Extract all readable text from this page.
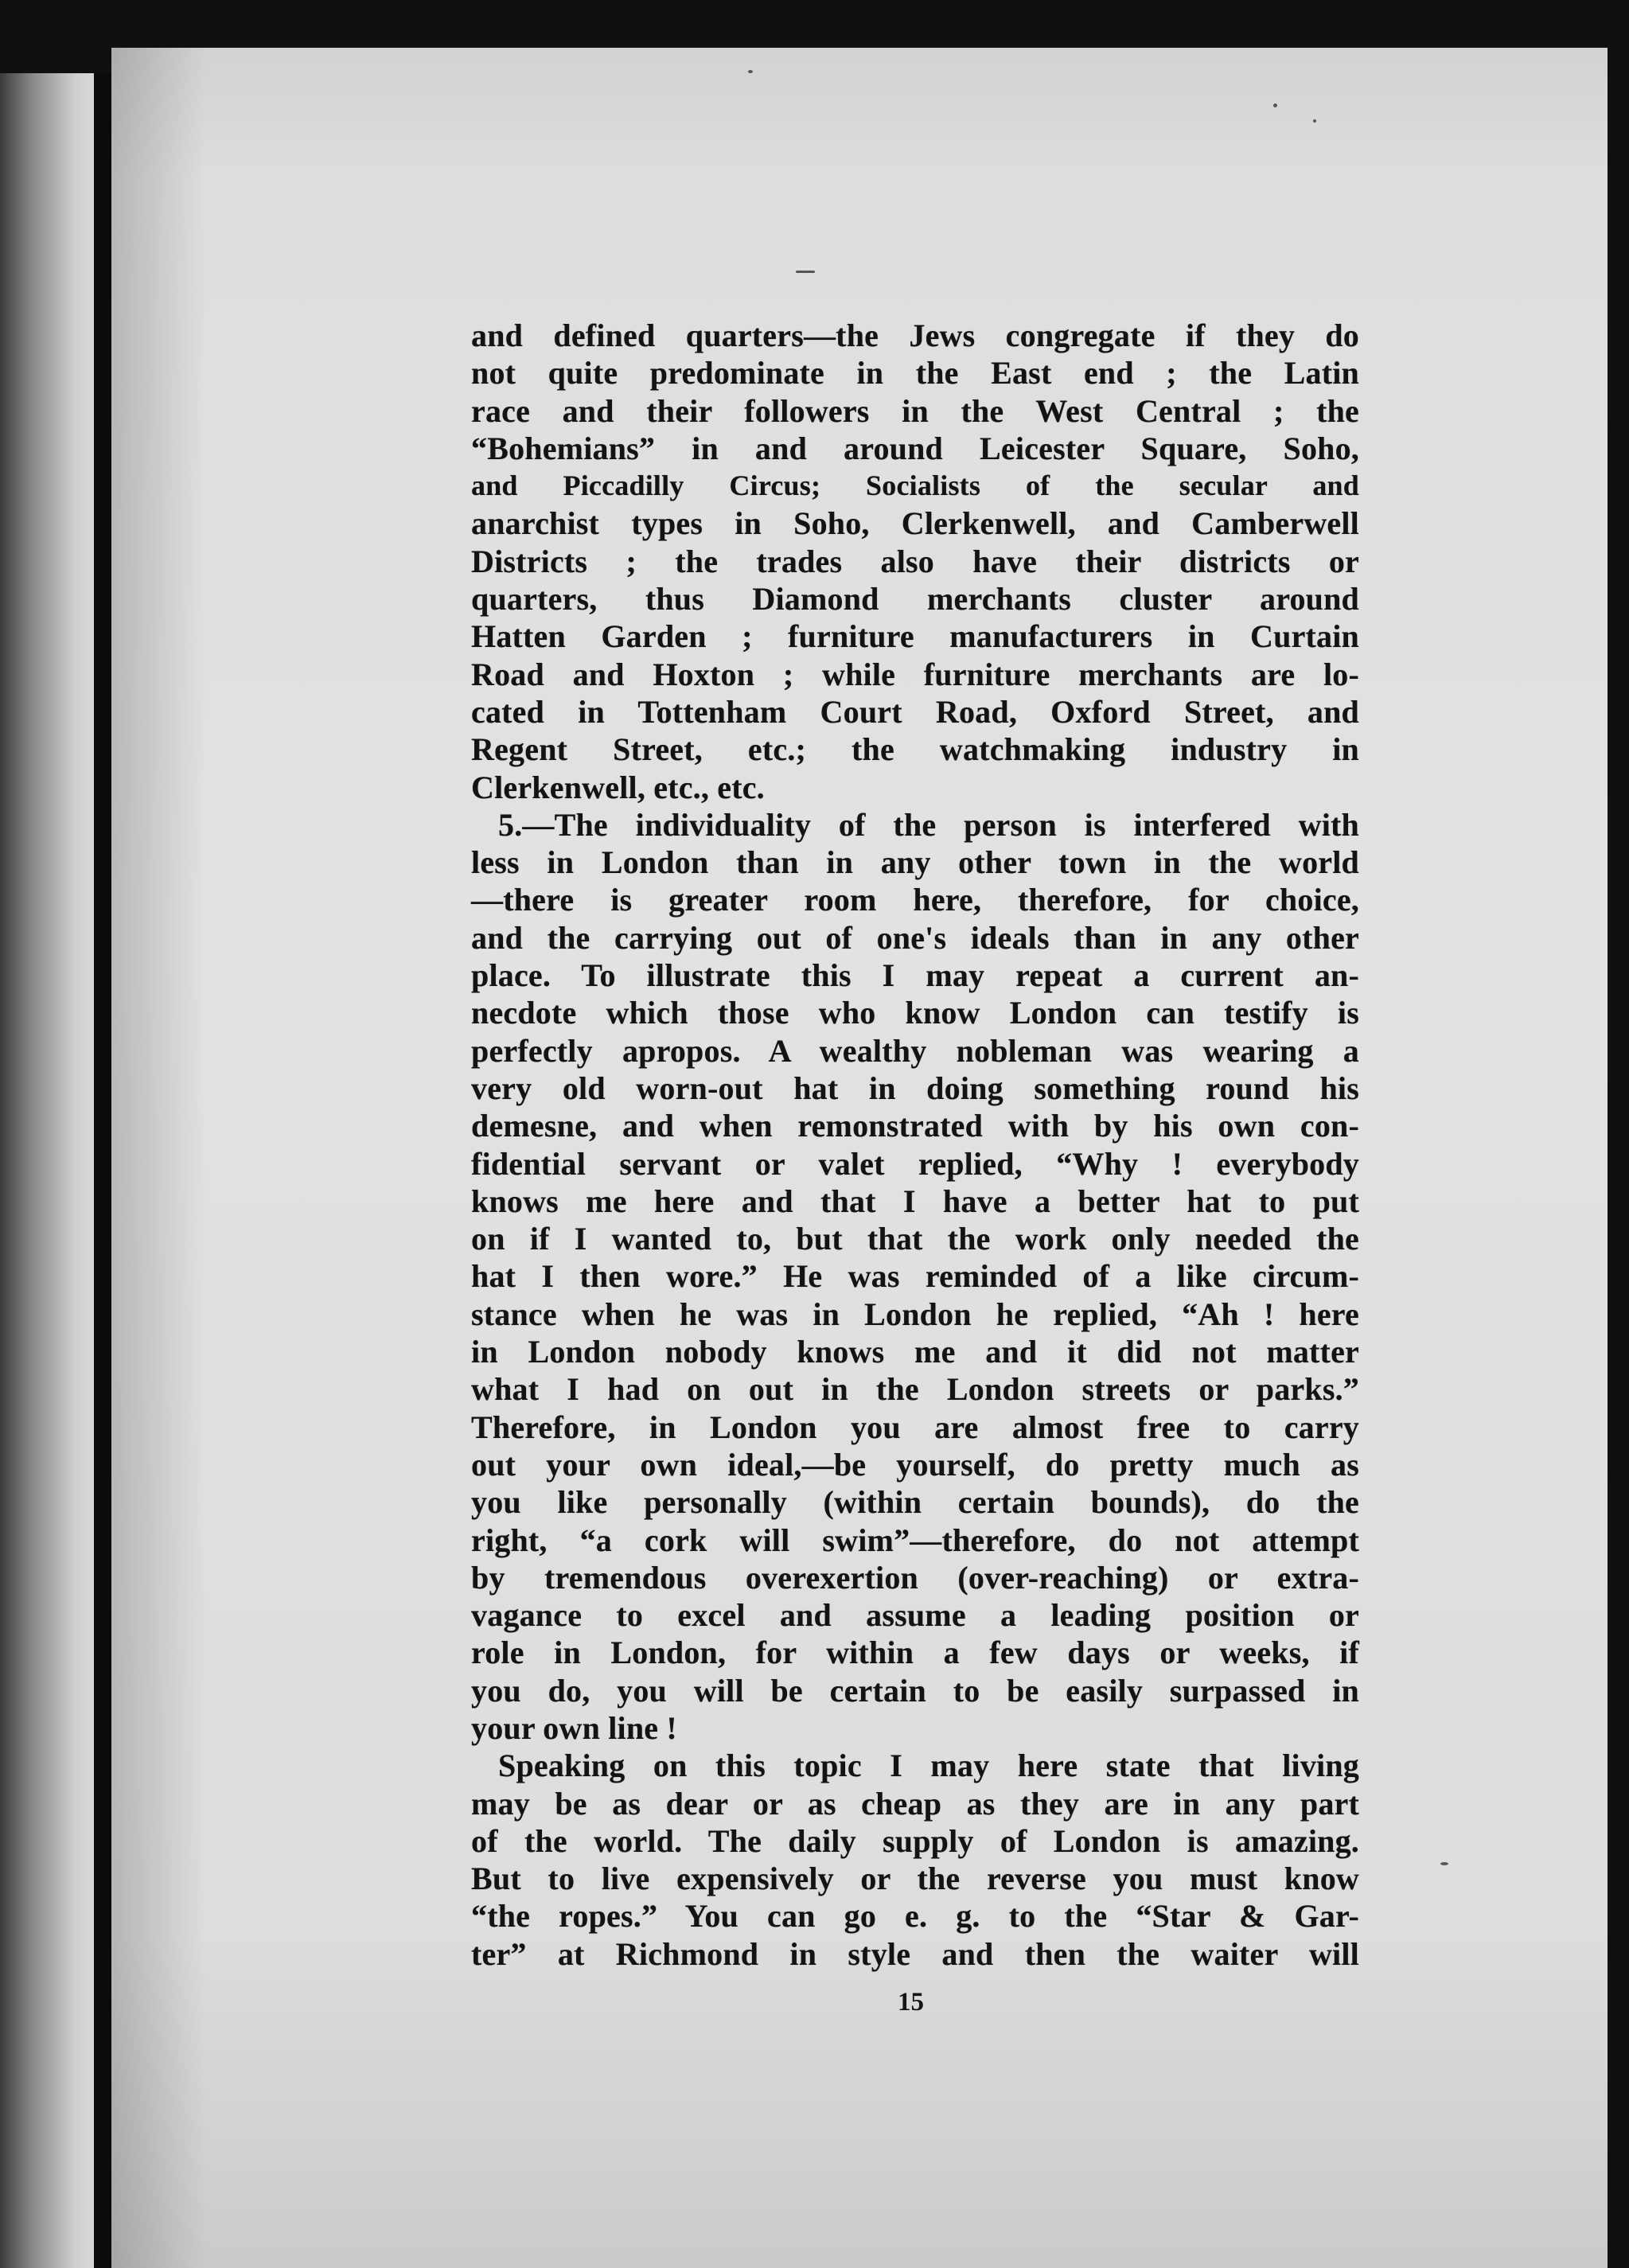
and defined quarters—the Jews congregate if they do
not quite predominate in the East end ; the Latin
race and their followers in the West Central ; the
“Bohemians” in and around Leicester Square, Soho,
and Piccadilly Circus; Socialists of the secular and
anarchist types in Soho, Clerkenwell, and Camberwell
Districts ; the trades also have their districts or
quarters, thus Diamond merchants cluster around
Hatten Garden ; furniture manufacturers in Curtain
Road and Hoxton ; while furniture merchants are lo-
cated in Tottenham Court Road, Oxford Street, and
Regent Street, etc.; the watchmaking industry in
Clerkenwell, etc., etc.
5.—The individuality of the person is interfered with
less in London than in any other town in the world
—there is greater room here, therefore, for choice,
and the carrying out of one's ideals than in any other
place. To illustrate this I may repeat a current an-
necdote which those who know London can testify is
perfectly apropos. A wealthy nobleman was wearing a
very old worn-out hat in doing something round his
demesne, and when remonstrated with by his own con-
fidential servant or valet replied, “Why ! everybody
knows me here and that I have a better hat to put
on if I wanted to, but that the work only needed the
hat I then wore.” He was reminded of a like circum-
stance when he was in London he replied, “Ah ! here
in London nobody knows me and it did not matter
what I had on out in the London streets or parks.”
Therefore, in London you are almost free to carry
out your own ideal,—be yourself, do pretty much as
you like personally (within certain bounds), do the
right, “a cork will swim”—therefore, do not attempt
by tremendous overexertion (over-reaching) or extra-
vagance to excel and assume a leading position or
role in London, for within a few days or weeks, if
you do, you will be certain to be easily surpassed in
your own line !
Speaking on this topic I may here state that living
may be as dear or as cheap as they are in any part
of the world. The daily supply of London is amazing.
But to live expensively or the reverse you must know
“the ropes.” You can go e. g. to the “Star & Gar-
ter” at Richmond in style and then the waiter will
15
